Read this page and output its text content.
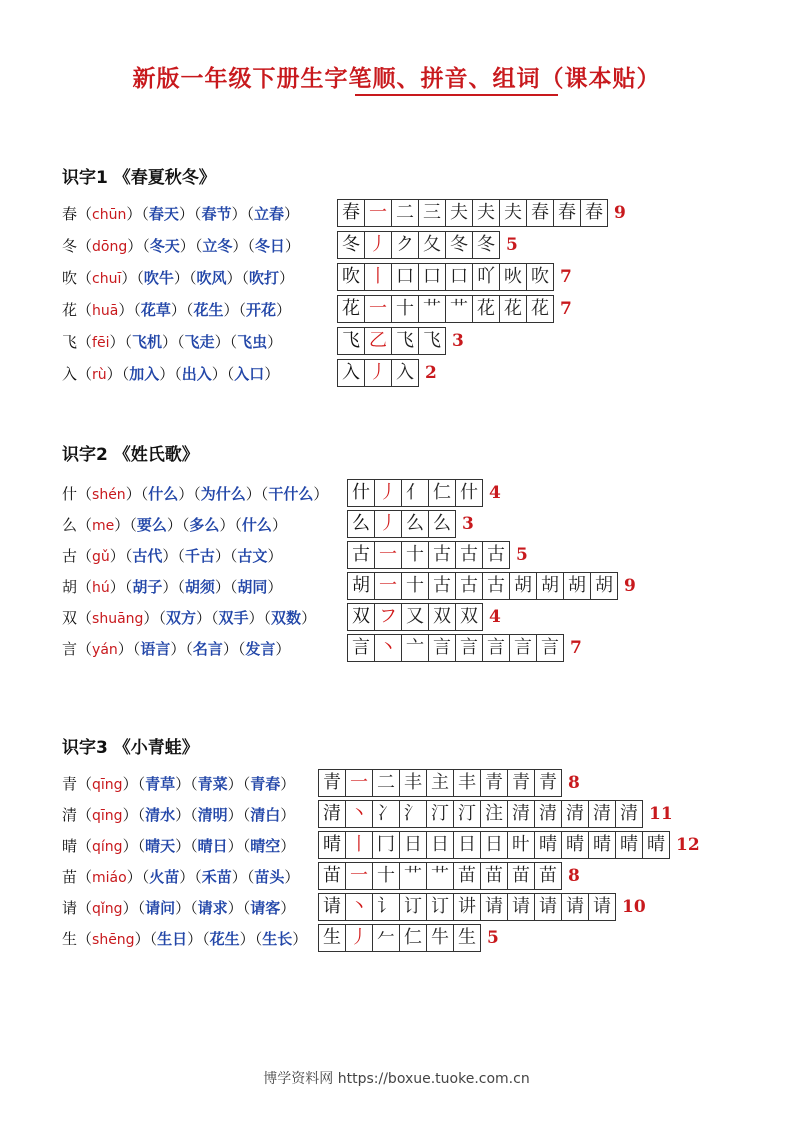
新版一年级下册生字笔顺、拼音、组词（课本贴）
识字1 《春夏秋冬》
春（chūn）（春天）（春节）（立春） 春 一 二 三 夫 夫 夫 春 春 春 9
冬（dōng）（冬天）（立冬）（冬日） 冬 丿 ク 夂 冬 冬 5
吹（chuī）（吹牛）（吹风）（吹打）	吹 丨 口 口 口 吖 吙 吹 7
花（huā）（花草）（花生）（开花）	花 一 十 艹 艹 花 花 花 7
飞（fēi）（飞机）（飞走）（飞虫）	飞 乙 飞 飞 3
入（rù）（加入）（出入）（入口）	入 丿 入 2
识字2 《姓氏歌》
什（shén）（什么）（为什么）（干什么） 什 丿 亻 仁 什 4
么（me）（要么）（多么）（什么）	么 丿 么 么 3
古（gǔ）（古代）（千古）（古文）	古 一 十 古 古 古 5
胡（hú）（胡子）（胡须）（胡同）	胡 一 十 古 古 古 胡 胡 胡 胡 9
双（shuāng）（双方）（双手）（双数） 双 フ 又 双 双 4
言（yán）（语言）（名言）（发言）	言 丶 亠 言 言 言 言 言 7
识字3 《小青蛙》
青（qīng）（青草）（青菜）（青春） 青 一 二 丰 主 丰 青 青 青 8
清（qīng）（清水）（清明）（清白） 清 丶 冫 氵 汀 汀 注 清 清 清 清 清 11
晴（qíng）（晴天）（晴日）（晴空） 晴 丨 冂 日 日 日 日 旪 晴 晴 晴 晴 晴 12
苗（miáo）（火苗）（禾苗）（苗头） 苗 一 十 艹 艹 苗 苗 苗 苗 8
请（qǐng）（请问）（请求）（请客） 请 丶 讠 订 订 讲 请 请 请 请 请 10
生（shēng）（生日）（花生）（生长） 生 丿 𠂉 仁 牛 生 5
博学资料网 https://boxue.tuoke.com.cn
